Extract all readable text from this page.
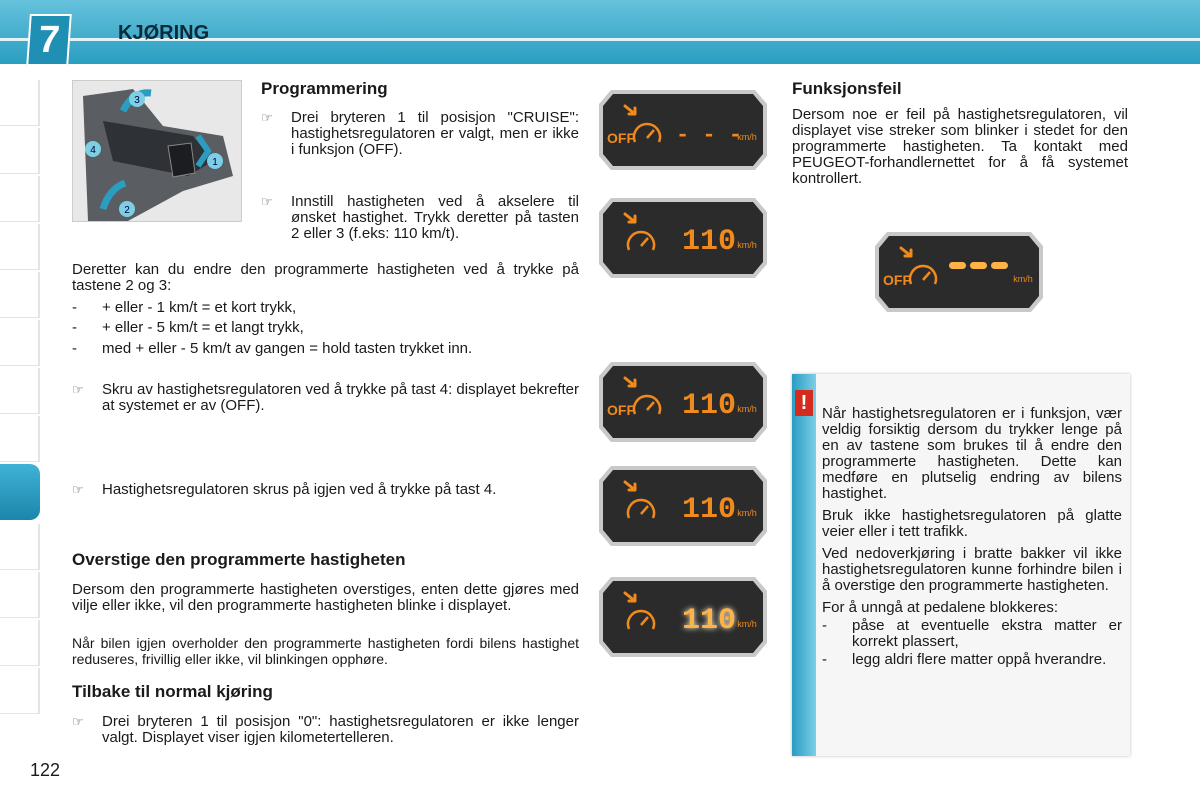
7	KJØRING
122
3
4
1
2
Programmering
☞ Drei bryteren 1 til posisjon "CRUISE": hastighetsregulatoren er valgt, men er ikke i funksjon (OFF).
☞ Innstill hastigheten ved å akselere til ønsket hastighet. Trykk deretter på tasten 2 eller 3 (f.eks: 110 km/t).
Deretter kan du endre den programmerte hastigheten ved å trykke på tastene 2 og 3:
- + eller - 1 km/t = et kort trykk,
- + eller - 5 km/t = et langt trykk,
- med + eller - 5 km/t av gangen = hold tasten trykket inn.
☞ Skru av hastighetsregulatoren ved å trykke på tast 4: displayet bekrefter at systemet er av (OFF).
☞ Hastighetsregulatoren skrus på igjen ved å trykke på tast 4.
Overstige den programmerte hastigheten
Dersom den programmerte hastigheten overstiges, enten dette gjøres med vilje eller ikke, vil den programmerte hastigheten blinke i displayet.
Når bilen igjen overholder den programmerte hastigheten fordi bilens hastighet reduseres, frivillig eller ikke, vil blinkingen opphøre.
Tilbake til normal kjøring
☞ Drei bryteren 1 til posisjon "0": hastighetsregulatoren er ikke lenger valgt. Displayet viser igjen kilometertelleren.
OFF - - -
km/h
110 km/h
OFF 110 km/h
110 km/h
110 km/h
OFF	km/h
Funksjonsfeil
Dersom noe er feil på hastighetsregulatoren, vil displayet vise streker som blinker i stedet for den programmerte hastigheten. Ta kontakt med PEUGEOT-forhandlernettet for å få systemet kontrollert.
! Når hastighetsregulatoren er i funksjon, vær veldig forsiktig dersom du trykker lenge på en av tastene som brukes til å endre den programmerte hastigheten. Dette kan medføre en plutselig endring av bilens hastighet.

Bruk ikke hastighetsregulatoren på glatte veier eller i tett trafikk.

Ved nedoverkjøring i bratte bakker vil ikke hastighetsregulatoren kunne forhindre bilen i å overstige den programmerte hastigheten.

For å unngå at pedalene blokkeres:

- påse at eventuelle ekstra matter er korrekt plassert,
- legg aldri flere matter oppå hverandre.
